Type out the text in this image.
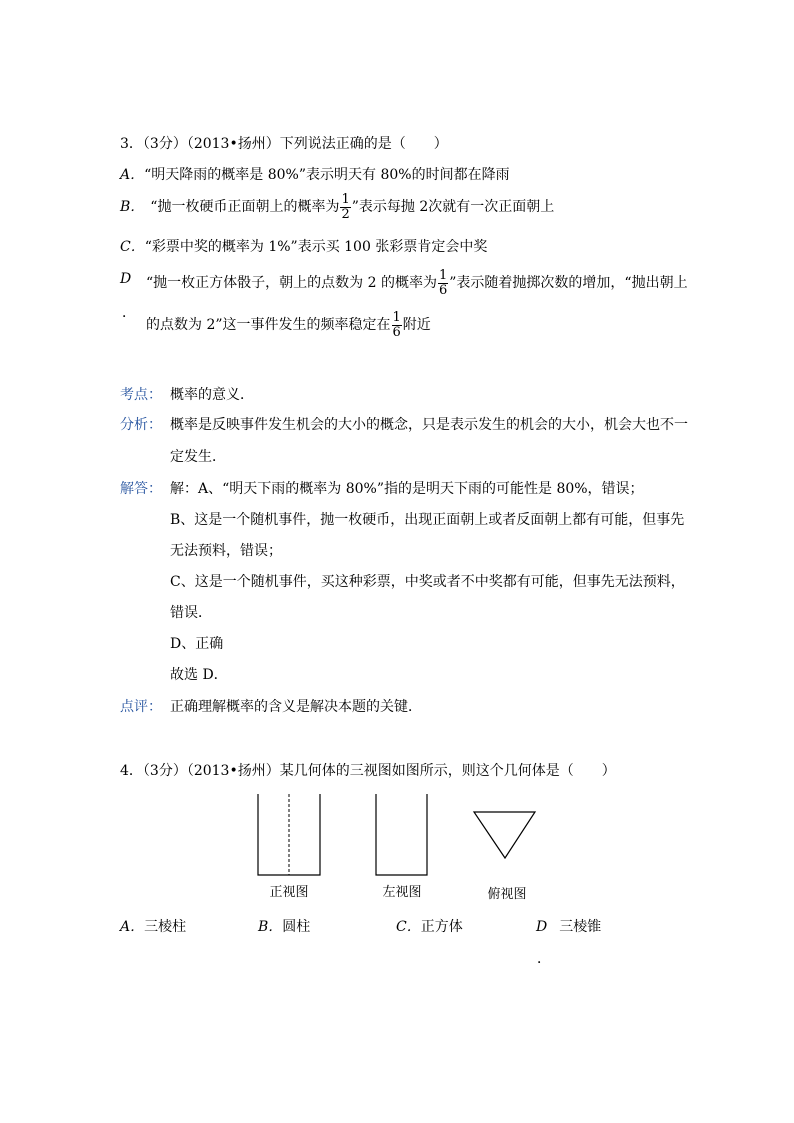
3．（3分）（2013•扬州）下列说法正确的是（　　）
A．“明天降雨的概率是 80%”表示明天有 80%的时间都在降雨
B． “抛一枚硬币正面朝上的概率为 $\frac{1}{2}$ ”表示每抛 2次就有一次正面朝上
C．“彩票中奖的概率为 1%”表示买 100 张彩票肯定会中奖
D
．
“抛一枚正方体骰子，朝上的点数为 2 的概率为 $\frac{1}{6}$ ”表示随着抛掷次数的增加，“抛出朝上
的点数为 2”这一事件发生的频率稳定在 $\frac{1}{6}$ 附近
考点： 概率的意义．
分析： 概率是反映事件发生机会的大小的概念，只是表示发生的机会的大小，机会大也不一
定发生．
解答： 解：A、“明天下雨的概率为 80%”指的是明天下雨的可能性是 80%，错误；
B、这是一个随机事件，抛一枚硬币，出现正面朝上或者反面朝上都有可能，但事先
无法预料，错误；
C、这是一个随机事件，买这种彩票，中奖或者不中奖都有可能，但事先无法预料，
错误．
D、正确
故选 D．
点评： 正确理解概率的含义是解决本题的关键．
4．（3分）（2013•扬州）某几何体的三视图如图所示，则这个几何体是（　　）
正视图	左视图	俯视图
A．三棱柱	B．圆柱	C．正方体	D 三棱锥
．
